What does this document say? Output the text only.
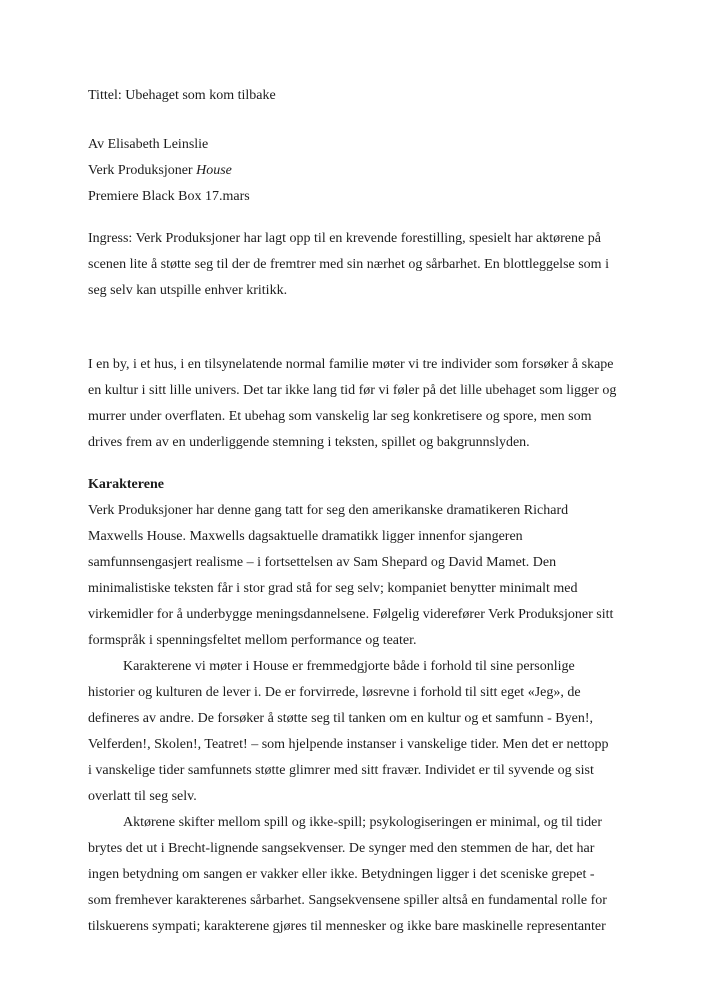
Tittel: Ubehaget som kom tilbake

Av Elisabeth Leinslie
Verk Produksjoner House
Premiere Black Box 17.mars
Ingress: Verk Produksjoner har lagt opp til en krevende forestilling, spesielt har aktørene på
scenen lite å støtte seg til der de fremtrer med sin nærhet og sårbarhet. En blottleggelse som i
seg selv kan utspille enhver kritikk.
I en by, i et hus, i en tilsynelatende normal familie møter vi tre individer som forsøker å skape
en kultur i sitt lille univers. Det tar ikke lang tid før vi føler på det lille ubehaget som ligger og
murrer under overflaten. Et ubehag som vanskelig lar seg konkretisere og spore, men som
drives frem av en underliggende stemning i teksten, spillet og bakgrunnslyden.
Karakterene
Verk Produksjoner har denne gang tatt for seg den amerikanske dramatikeren Richard
Maxwells House. Maxwells dagsaktuelle dramatikk ligger innenfor sjangeren
samfunnsengasjert realisme – i fortsettelsen av Sam Shepard og David Mamet. Den
minimalistiske teksten får i stor grad stå for seg selv; kompaniet benytter minimalt med
virkemidler for å underbygge meningsdannelsene. Følgelig viderefører Verk Produksjoner sitt
formspråk i spenningsfeltet mellom performance og teater.
Karakterene vi møter i House er fremmedgjorte både i forhold til sine personlige
historier og kulturen de lever i. De er forvirrede, løsrevne i forhold til sitt eget «Jeg», de
defineres av andre. De forsøker å støtte seg til tanken om en kultur og et samfunn - Byen!,
Velferden!, Skolen!, Teatret! – som hjelpende instanser i vanskelige tider. Men det er nettopp
i vanskelige tider samfunnets støtte glimrer med sitt fravær. Individet er til syvende og sist
overlatt til seg selv.
Aktørene skifter mellom spill og ikke-spill; psykologiseringen er minimal, og til tider
brytes det ut i Brecht-lignende sangsekvenser. De synger med den stemmen de har, det har
ingen betydning om sangen er vakker eller ikke. Betydningen ligger i det sceniske grepet -
som fremhever karakterenes sårbarhet. Sangsekvensene spiller altså en fundamental rolle for
tilskuerens sympati; karakterene gjøres til mennesker og ikke bare maskinelle representanter
